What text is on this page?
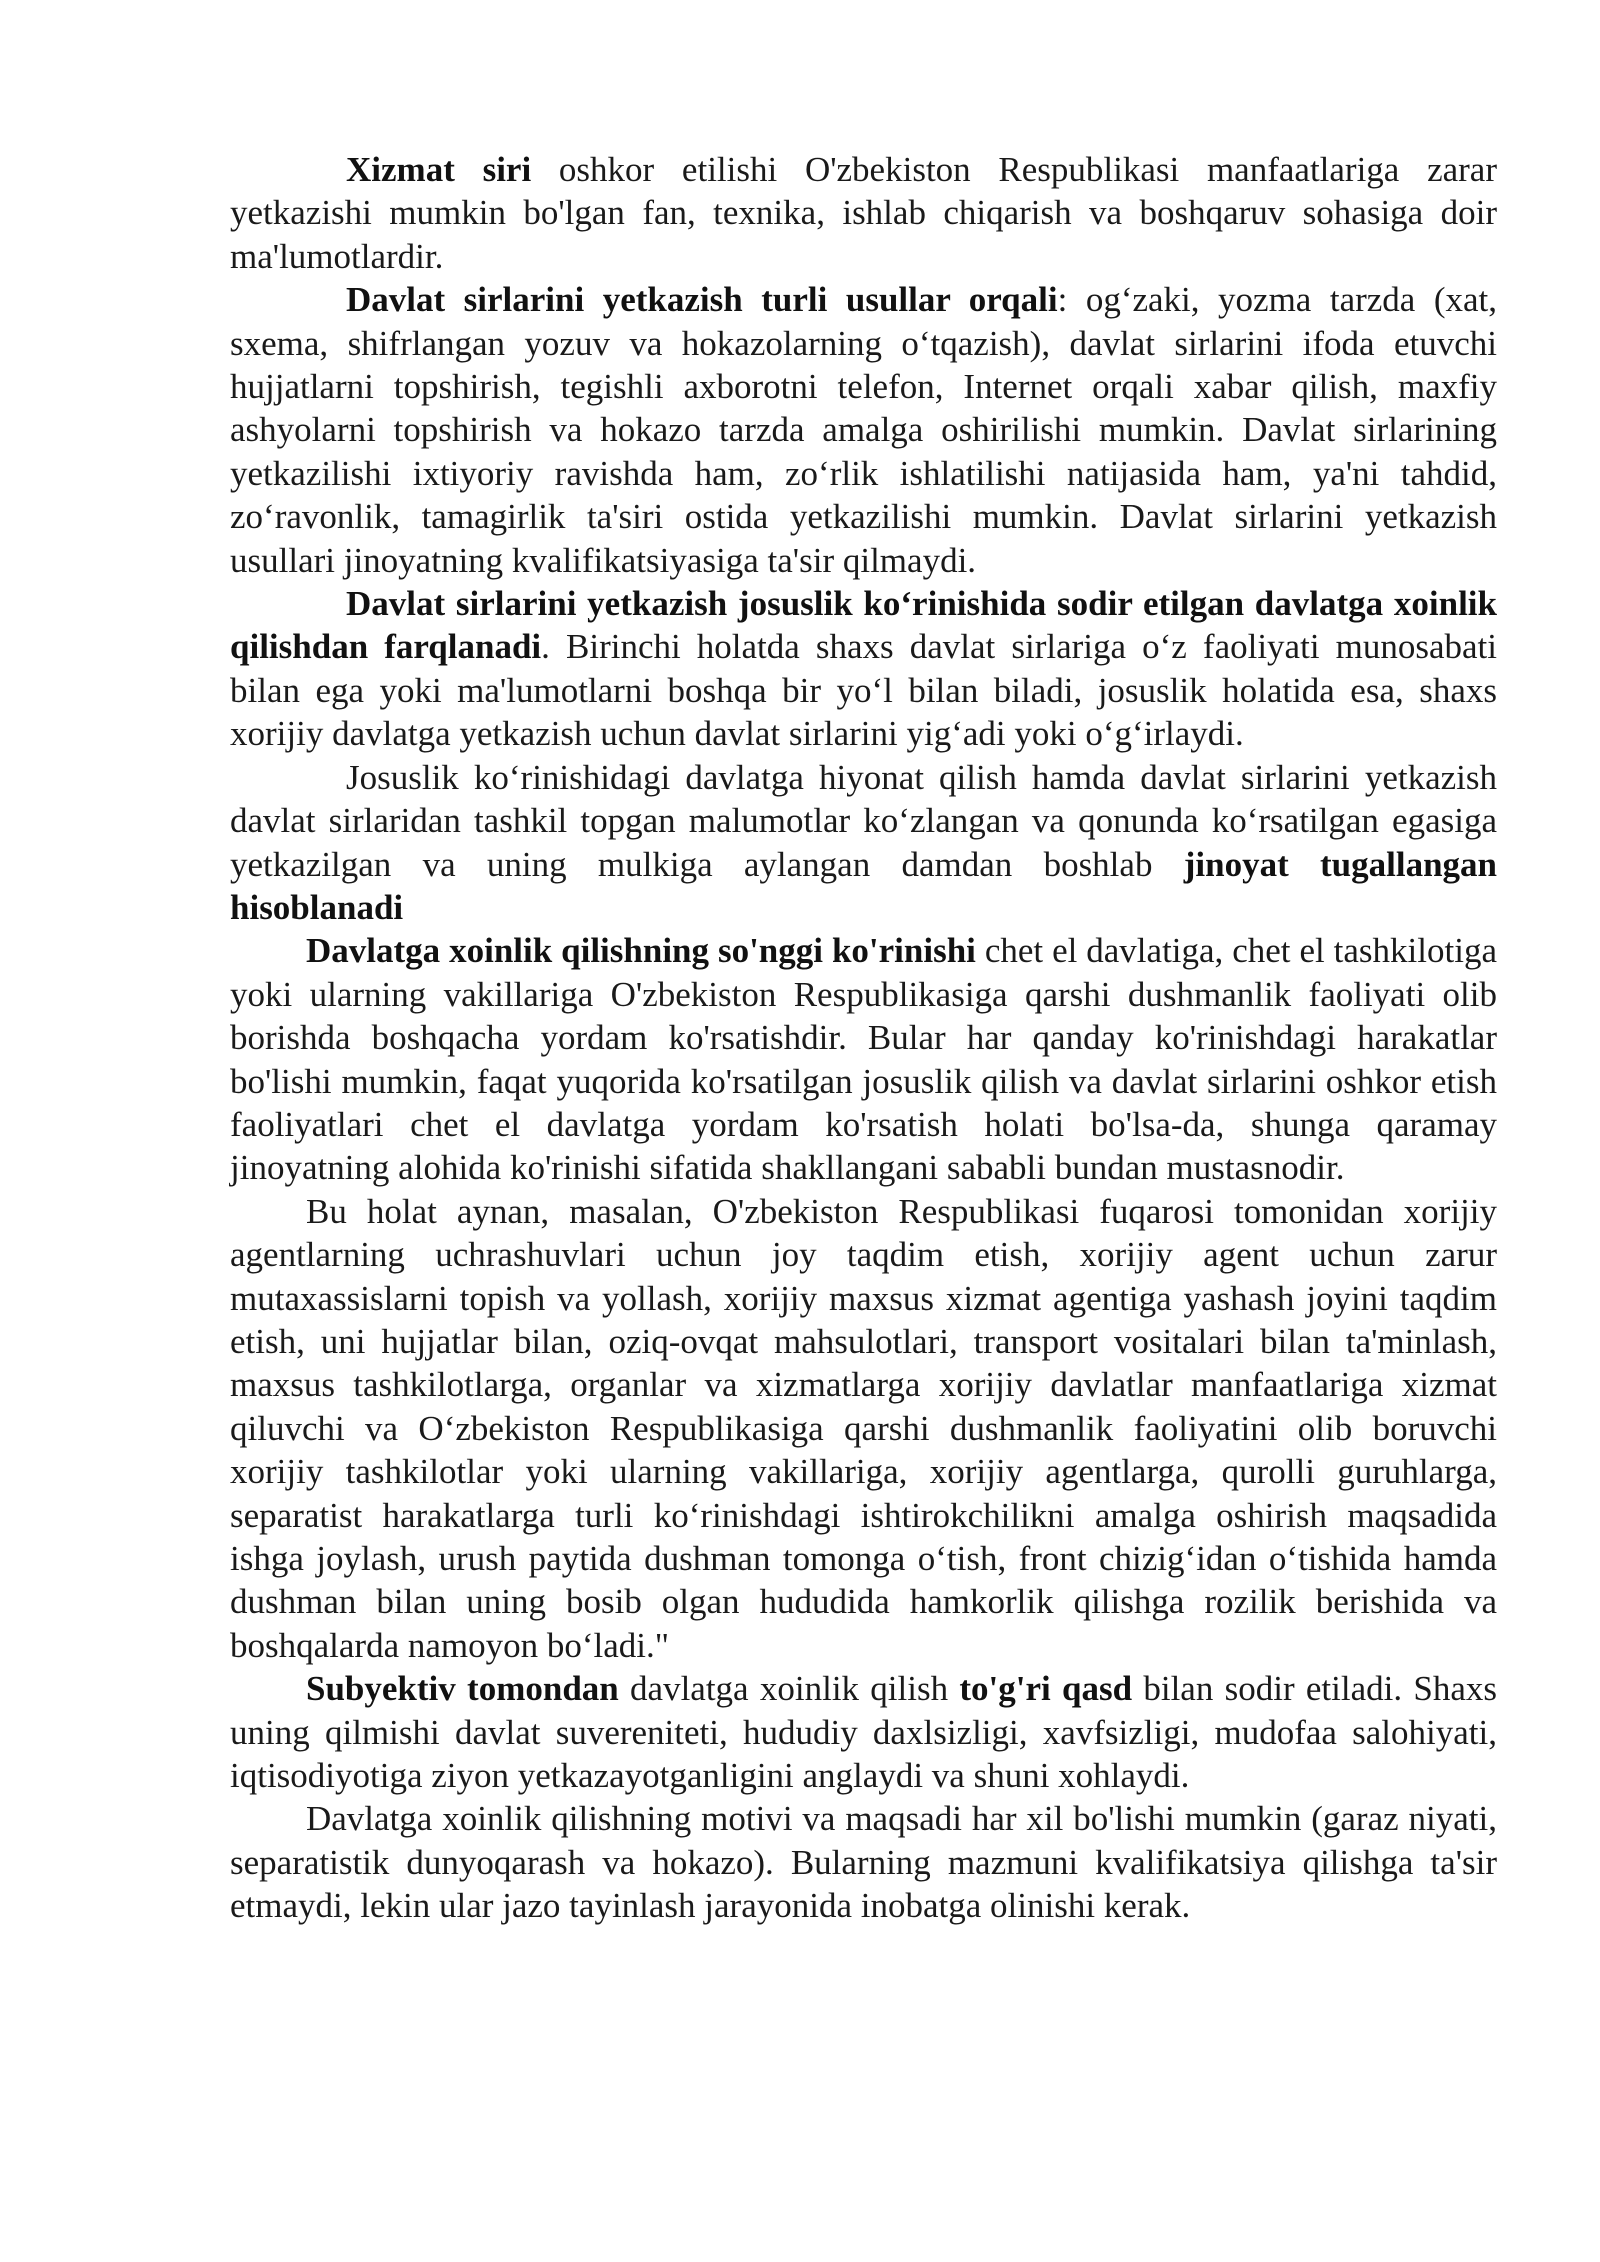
Xizmat siri oshkor etilishi O'zbekiston Respublikasi manfaatlariga zarar yetkazishi mumkin bo'lgan fan, texnika, ishlab chiqarish va boshqaruv sohasiga doir ma'lumotlardir.

Davlat sirlarini yetkazish turli usullar orqali: og‘zaki, yozma tarzda (xat, sxema, shifrlangan yozuv va hokazolarning o‘tqazish), davlat sirlarini ifoda etuvchi hujjatlarni topshirish, tegishli axborotni telefon, Internet orqali xabar qilish, maxfiy ashyolarni topshirish va hokazo tarzda amalga oshirilishi mumkin. Davlat sirlarining yetkazilishi ixtiyoriy ravishda ham, zo‘rlik ishlatilishi natijasida ham, ya'ni tahdid, zo‘ravonlik, tamagirlik ta'siri ostida yetkazilishi mumkin. Davlat sirlarini yetkazish usullari jinoyatning kvalifikatsiyasiga ta'sir qilmaydi.

Davlat sirlarini yetkazish josuslik ko‘rinishida sodir etilgan davlatga xoinlik qilishdan farqlanadi. Birinchi holatda shaxs davlat sirlariga o‘z faoliyati munosabati bilan ega yoki ma'lumotlarni boshqa bir yo‘l bilan biladi, josuslik holatida esa, shaxs xorijiy davlatga yetkazish uchun davlat sirlarini yig‘adi yoki o‘g‘irlaydi.

Josuslik ko‘rinishidagi davlatga hiyonat qilish hamda davlat sirlarini yetkazish davlat sirlaridan tashkil topgan malumotlar ko‘zlangan va qonunda ko‘rsatilgan egasiga yetkazilgan va uning mulkiga aylangan damdan boshlab jinoyat tugallangan hisoblanadi

Davlatga xoinlik qilishning so'nggi ko'rinishi chet el davlatiga, chet el tashkilotiga yoki ularning vakillariga O'zbekiston Respublikasiga qarshi dushmanlik faoliyati olib borishda boshqacha yordam ko'rsatishdir. Bular har qanday ko'rinishdagi harakatlar bo'lishi mumkin, faqat yuqorida ko'rsatilgan josuslik qilish va davlat sirlarini oshkor etish faoliyatlari chet el davlatga yordam ko'rsatish holati bo'lsa-da, shunga qaramay jinoyatning alohida ko'rinishi sifatida shakllangani sababli bundan mustasnodir.

Bu holat aynan, masalan, O'zbekiston Respublikasi fuqarosi tomonidan xorijiy agentlarning uchrashuvlari uchun joy taqdim etish, xorijiy agent uchun zarur mutaxassislarni topish va yollash, xorijiy maxsus xizmat agentiga yashash joyini taqdim etish, uni hujjatlar bilan, oziq-ovqat mahsulotlari, transport vositalari bilan ta'minlash, maxsus tashkilotlarga, organlar va xizmatlarga xorijiy davlatlar manfaatlariga xizmat qiluvchi va O‘zbekiston Respublikasiga qarshi dushmanlik faoliyatini olib boruvchi xorijiy tashkilotlar yoki ularning vakillariga, xorijiy agentlarga, qurolli guruhlarga, separatist harakatlarga turli ko‘rinishdagi ishtirokchilikni amalga oshirish maqsadida ishga joylash, urush paytida dushman tomonga o‘tish, front chizig‘idan o‘tishida hamda dushman bilan uning bosib olgan hududida hamkorlik qilishga rozilik berishida va boshqalarda namoyon bo‘ladi."

Subyektiv tomondan davlatga xoinlik qilish to'g'ri qasd bilan sodir etiladi. Shaxs uning qilmishi davlat suvereniteti, hududiy daxlsizligi, xavfsizligi, mudofaa salohiyati, iqtisodiyotiga ziyon yetkazayotganligini anglaydi va shuni xohlaydi.

Davlatga xoinlik qilishning motivi va maqsadi har xil bo'lishi mumkin (garaz niyati, separatistik dunyoqarash va hokazo). Bularning mazmuni kvalifikatsiya qilishga ta'sir etmaydi, lekin ular jazo tayinlash jarayonida inobatga olinishi kerak.
